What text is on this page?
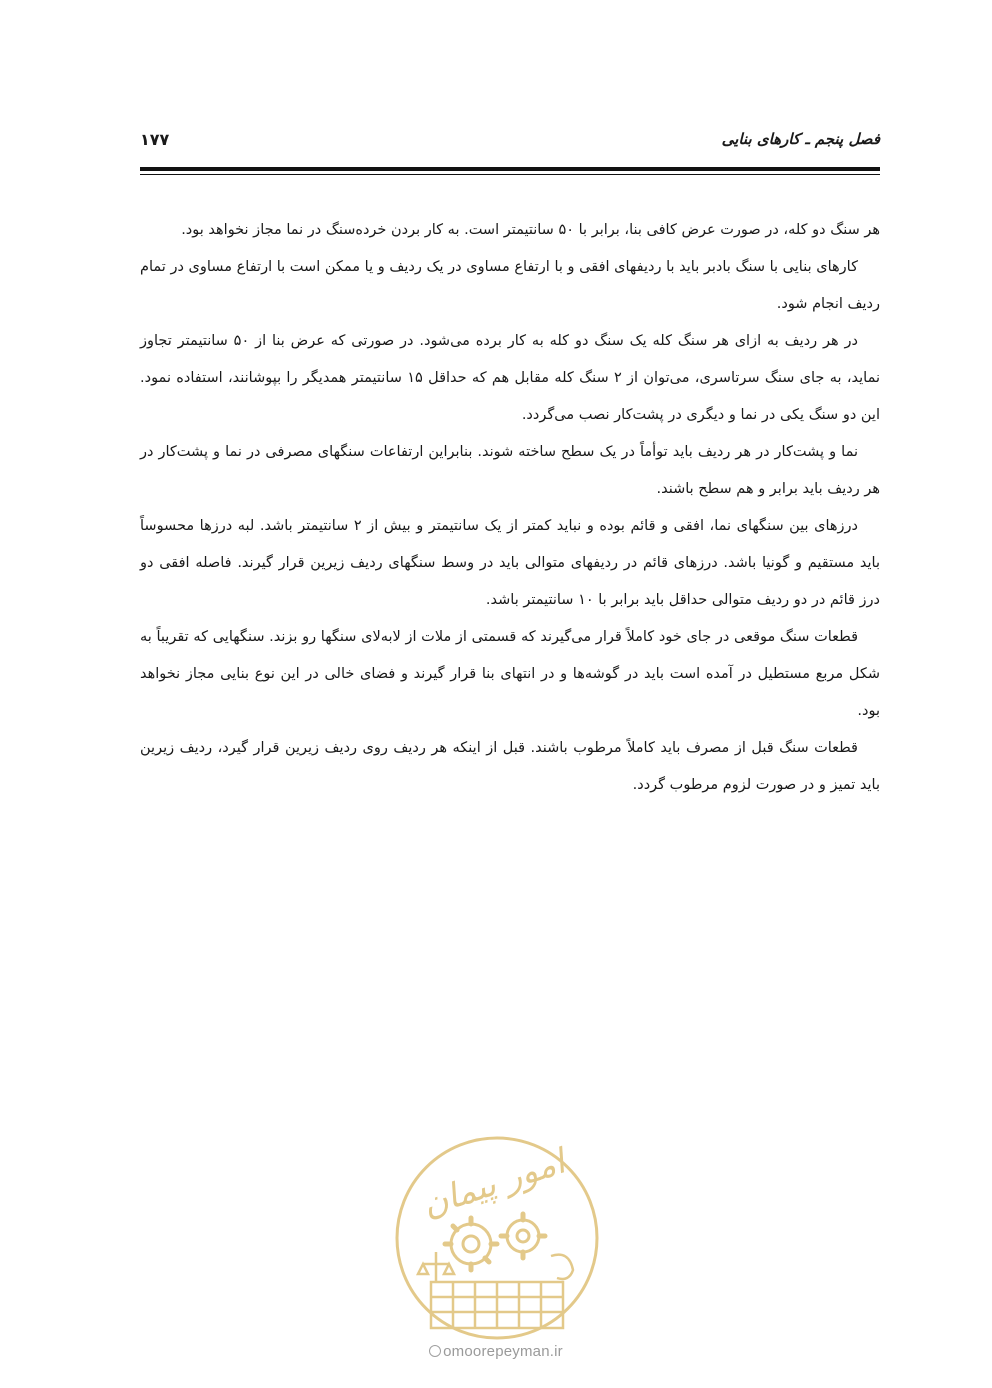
فصل پنجم ـ کارهای بنایی
۱۷۷

هر سنگ دو کله، در صورت عرض کافی بنا، برابر با ۵۰ سانتیمتر است. به کار بردن خرده‌سنگ در نما مجاز نخواهد بود.

کارهای بنایی با سنگ بادبر باید با ردیفهای افقی و با ارتفاع مساوی در یک ردیف و یا ممکن است با ارتفاع مساوی در تمام ردیف انجام شود.

در هر ردیف به ازای هر سنگ کله یک سنگ دو کله به کار برده می‌شود. در صورتی که عرض بنا از ۵۰ سانتیمتر تجاوز نماید، به جای سنگ سرتاسری، می‌توان از ۲ سنگ کله مقابل هم که حداقل ۱۵ سانتیمتر همدیگر را بپوشانند، استفاده نمود. این دو سنگ یکی در نما و دیگری در پشت‌کار نصب می‌گردد.

نما و پشت‌کار در هر ردیف باید توأماً در یک سطح ساخته شوند. بنابراین ارتفاعات سنگهای مصرفی در نما و پشت‌کار در هر ردیف باید برابر و هم سطح باشند.

درزهای بین سنگهای نما، افقی و قائم بوده و نباید کمتر از یک سانتیمتر و بیش از ۲ سانتیمتر باشد. لبه درزها محسوساً باید مستقیم و گونیا باشد. درزهای قائم در ردیفهای متوالی باید در وسط سنگهای ردیف زیرین قرار گیرند. فاصله افقی دو درز قائم در دو ردیف متوالی حداقل باید برابر با ۱۰ سانتیمتر باشد.

قطعات سنگ موقعی در جای خود کاملاً قرار می‌گیرند که قسمتی از ملات از لابه‌لای سنگها رو بزند. سنگهایی که تقریباً به شکل مربع مستطیل در آمده است باید در گوشه‌ها و در انتهای بنا قرار گیرند و فضای خالی در این نوع بنایی مجاز نخواهد بود.

قطعات سنگ قبل از مصرف باید کاملاً مرطوب باشند. قبل از اینکه هر ردیف روی ردیف زیرین قرار گیرد، ردیف زیرین باید تمیز و در صورت لزوم مرطوب گردد.

امور پیمان
omoorepeyman.ir
